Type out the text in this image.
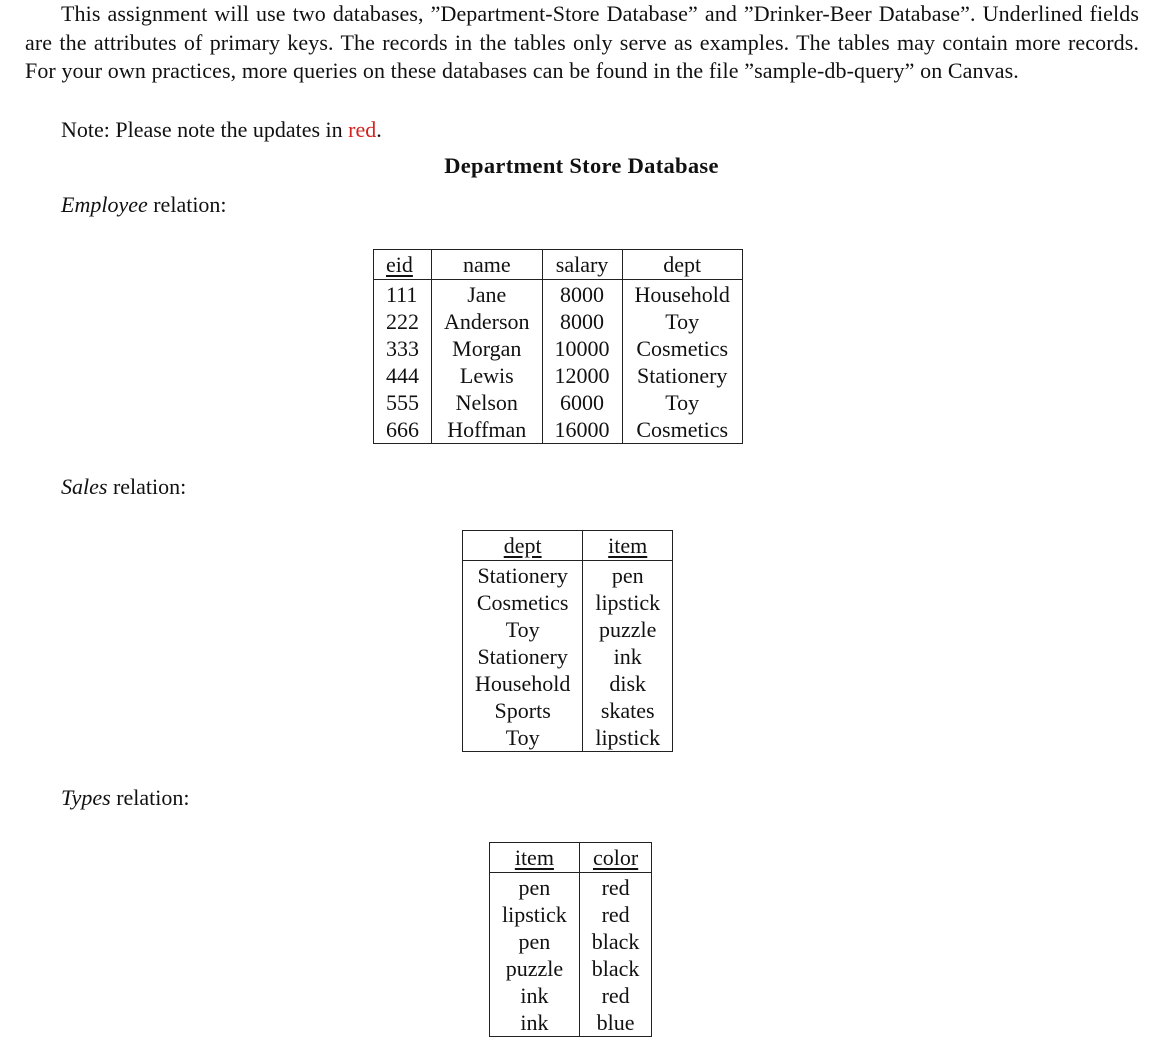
This assignment will use two databases, ”Department-Store Database” and ”Drinker-Beer Database”. Underlined fields are the attributes of primary keys. The records in the tables only serve as examples. The tables may contain more records. For your own practices, more queries on these databases can be found in the file ”sample-db-query” on Canvas.
Note: Please note the updates in red.
Department Store Database
Employee relation:
eid	name	salary	dept
111	Jane	8000	Household
222	Anderson	8000	Toy
333	Morgan	10000	Cosmetics
444	Lewis	12000	Stationery
555	Nelson	6000	Toy
666	Hoffman	16000	Cosmetics
Sales relation:
dept	item
Stationery	pen
Cosmetics	lipstick
Toy	puzzle
Stationery	ink
Household	disk
Sports	skates
Toy	lipstick
Types relation:
item	color
pen	red
lipstick	red
pen	black
puzzle	black
ink	red
ink	blue
